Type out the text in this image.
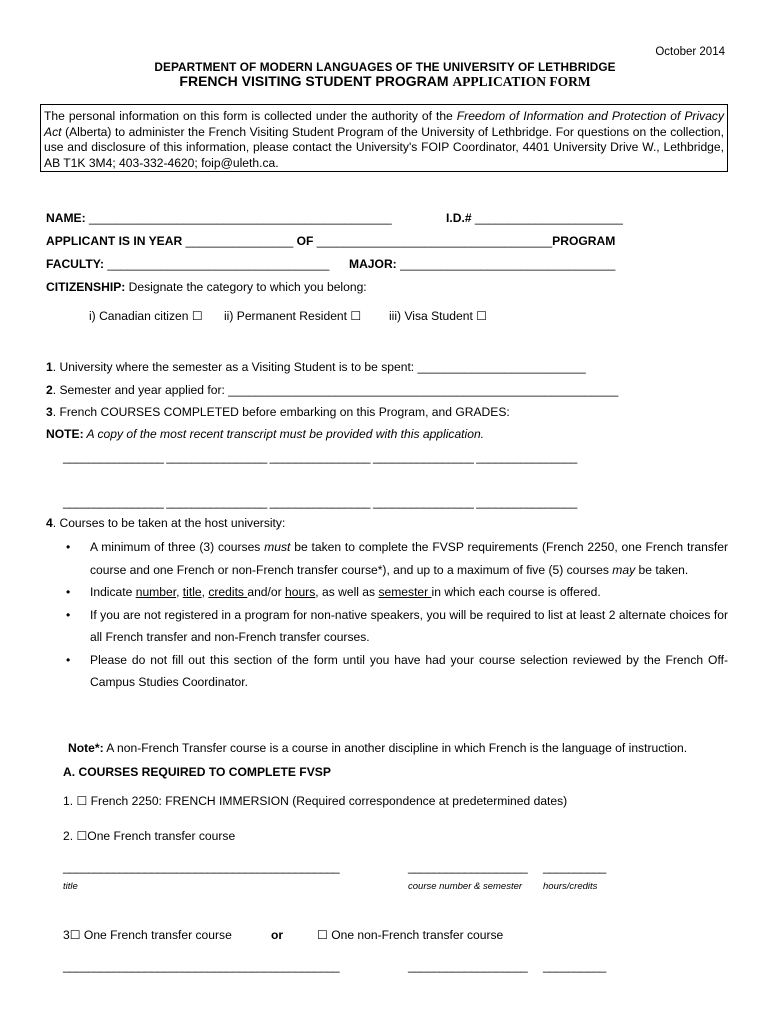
October 2014
DEPARTMENT OF MODERN LANGUAGES OF THE UNIVERSITY OF LETHBRIDGE
FRENCH VISITING STUDENT PROGRAM APPLICATION FORM
The personal information on this form is collected under the authority of the Freedom of Information and Protection of Privacy Act (Alberta) to administer the French Visiting Student Program of the University of Lethbridge. For questions on the collection, use and disclosure of this information, please contact the University's FOIP Coordinator, 4401 University Drive W., Lethbridge, AB T1K 3M4; 403-332-4620; foip@uleth.ca.
NAME: _____________________________________________	I.D.# ______________________
APPLICANT IS IN YEAR ________________ OF ___________________________________PROGRAM
FACULTY: _________________________________ MAJOR: ________________________________
CITIZENSHIP: Designate the category to which you belong:
i) Canadian citizen ☐ ii) Permanent Resident ☐ iii) Visa Student ☐
1. University where the semester as a Visiting Student is to be spent: _________________________
2. Semester and year applied for: __________________________________________________________
3. French COURSES COMPLETED before embarking on this Program, and GRADES:
NOTE: A copy of the most recent transcript must be provided with this application.
________________ ________________ ________________ ________________ ________________
________________ ________________ ________________ ________________ ________________
4. Courses to be taken at the host university:
• A minimum of three (3) courses must be taken to complete the FVSP requirements (French 2250, one French transfer course and one French or non-French transfer course*), and up to a maximum of five (5) courses may be taken.
• Indicate number, title, credits and/or hours, as well as semester in which each course is offered.
• If you are not registered in a program for non-native speakers, you will be required to list at least 2 alternate choices for all French transfer and non-French transfer courses.
• Please do not fill out this section of the form until you have had your course selection reviewed by the French Off-Campus Studies Coordinator.
Note*: A non-French Transfer course is a course in another discipline in which French is the language of instruction.
A. COURSES REQUIRED TO COMPLETE FVSP
1. ☐ French 2250: FRENCH IMMERSION (Required correspondence at predetermined dates)
2. ☐One French transfer course
____________________________________________	___________________ __________
title	course number & semester hours/credits
3☐ One French transfer course	or	☐ One non-French transfer course
____________________________________________	___________________ __________
